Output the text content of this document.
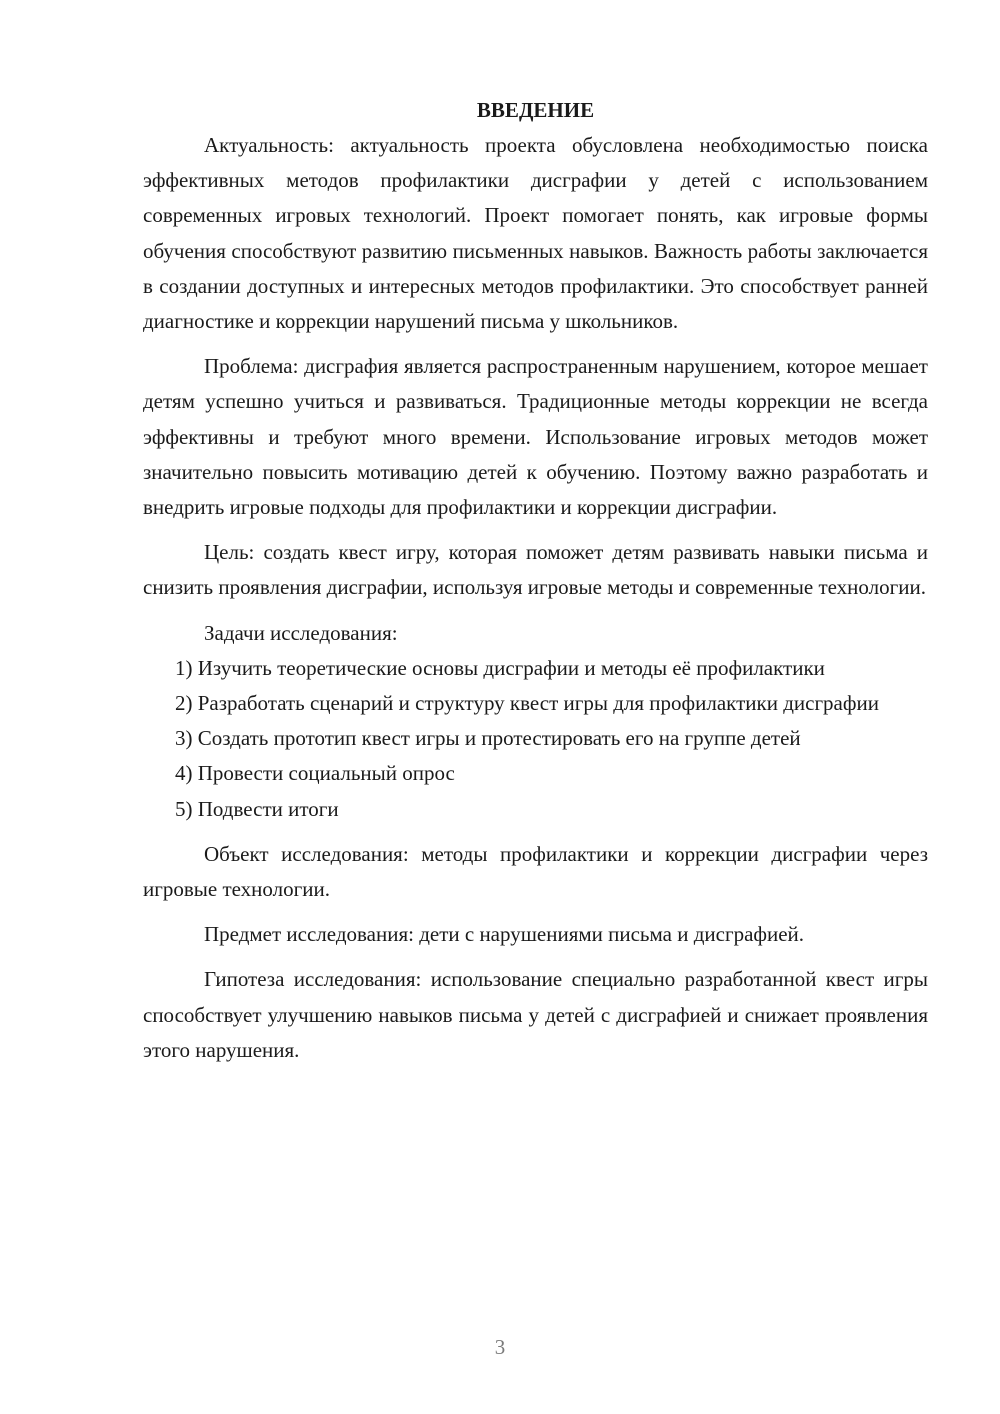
ВВЕДЕНИЕ

Актуальность: актуальность проекта обусловлена необходимостью поиска эффективных методов профилактики дисграфии у детей с использованием современных игровых технологий. Проект помогает понять, как игровые формы обучения способствуют развитию письменных навыков. Важность работы заключается в создании доступных и интересных методов профилактики. Это способствует ранней диагностике и коррекции нарушений письма у школьников.

Проблема: дисграфия является распространенным нарушением, которое мешает детям успешно учиться и развиваться. Традиционные методы коррекции не всегда эффективны и требуют много времени. Использование игровых методов может значительно повысить мотивацию детей к обучению. Поэтому важно разработать и внедрить игровые подходы для профилактики и коррекции дисграфии.

Цель: создать квест игру, которая поможет детям развивать навыки письма и снизить проявления дисграфии, используя игровые методы и современные технологии.

Задачи исследования:

1) Изучить теоретические основы дисграфии и методы её профилактики

2) Разработать сценарий и структуру квест игры для профилактики дисграфии

3) Создать прототип квест игры и протестировать его на группе детей

4) Провести социальный опрос

5) Подвести итоги

Объект исследования: методы профилактики и коррекции дисграфии через игровые технологии.

Предмет исследования: дети с нарушениями письма и дисграфией.

Гипотеза исследования: использование специально разработанной квест игры способствует улучшению навыков письма у детей с дисграфией и снижает проявления этого нарушения.

3
